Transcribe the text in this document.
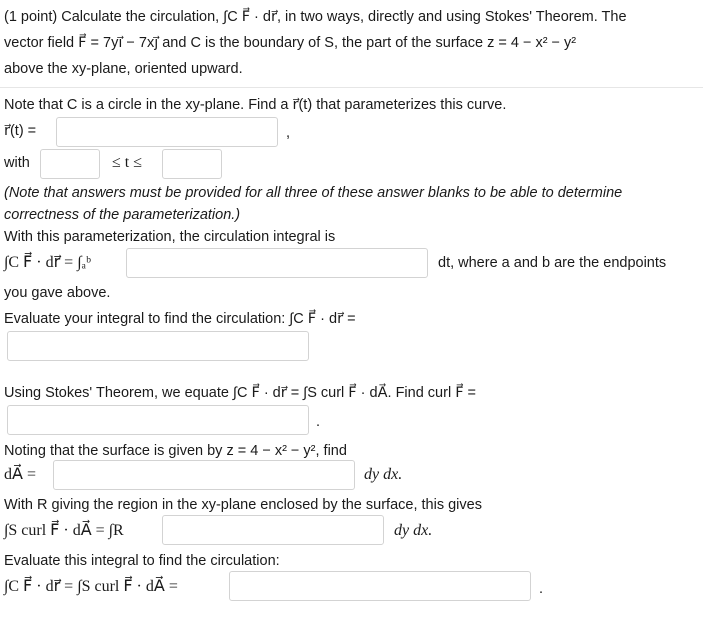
(1 point) Calculate the circulation, ∫C F⃗ · dr⃗, in two ways, directly and using Stokes' Theorem. The
vector field F⃗ = 7yi⃗ − 7xj⃗ and C is the boundary of S, the part of the surface z = 4 − x² − y²
above the xy-plane, oriented upward.
Note that C is a circle in the xy-plane. Find a r⃗(t) that parameterizes this curve.
r⃗(t) =	,
with	≤ t ≤
(Note that answers must be provided for all three of these answer blanks to be able to determine
correctness of the parameterization.)
With this parameterization, the circulation integral is
∫C F⃗ · dr⃗ = ∫ₐᵇ	dt, where a and b are the endpoints
you gave above.
Evaluate your integral to find the circulation: ∫C F⃗ · dr⃗ =
Using Stokes' Theorem, we equate ∫C F⃗ · dr⃗ = ∫S curl F⃗ · dA⃗. Find curl F⃗ =
.
Noting that the surface is given by z = 4 − x² − y², find
dA⃗ =	dy dx.
With R giving the region in the xy-plane enclosed by the surface, this gives
∫S curl F⃗ · dA⃗ = ∫R	dy dx.
Evaluate this integral to find the circulation:
∫C F⃗ · dr⃗ = ∫S curl F⃗ · dA⃗ =	.
